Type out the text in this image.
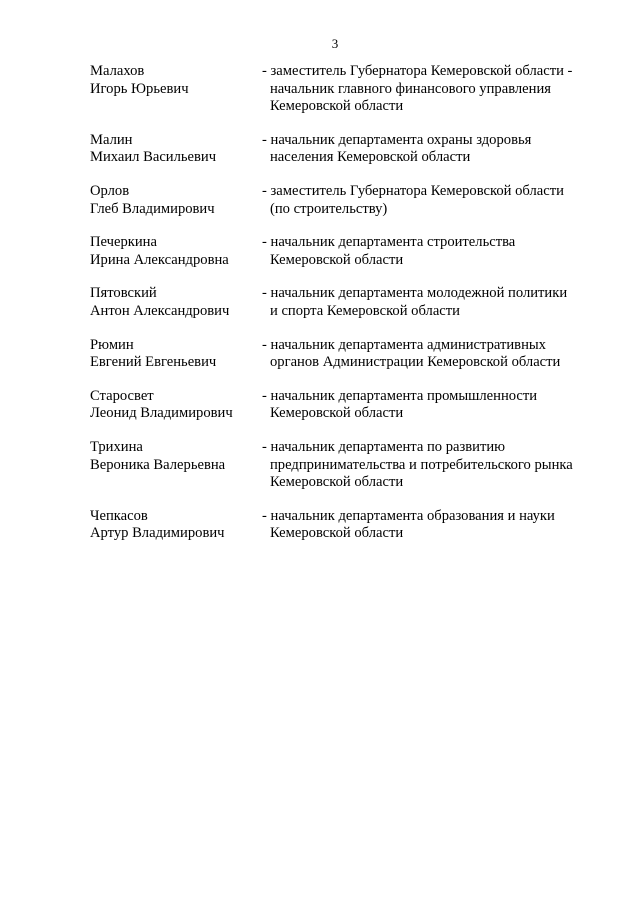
3
Малахов
Игорь Юрьевич
- заместитель Губернатора Кемеровской области -
начальник главного финансового управления
Кемеровской области
Малин
Михаил Васильевич
- начальник департамента охраны здоровья
населения Кемеровской области
Орлов
Глеб Владимирович
- заместитель Губернатора Кемеровской области
(по строительству)
Печеркина
Ирина Александровна
- начальник департамента строительства
Кемеровской области
Пятовский
Антон Александрович
- начальник департамента молодежной политики
и спорта Кемеровской области
Рюмин
Евгений Евгеньевич
- начальник департамента административных
органов Администрации Кемеровской области
Старосвет
Леонид Владимирович
- начальник департамента промышленности
Кемеровской области
Трихина
Вероника Валерьевна
- начальник департамента по развитию
предпринимательства и потребительского рынка
Кемеровской области
Чепкасов
Артур Владимирович
- начальник департамента образования и науки
Кемеровской области
